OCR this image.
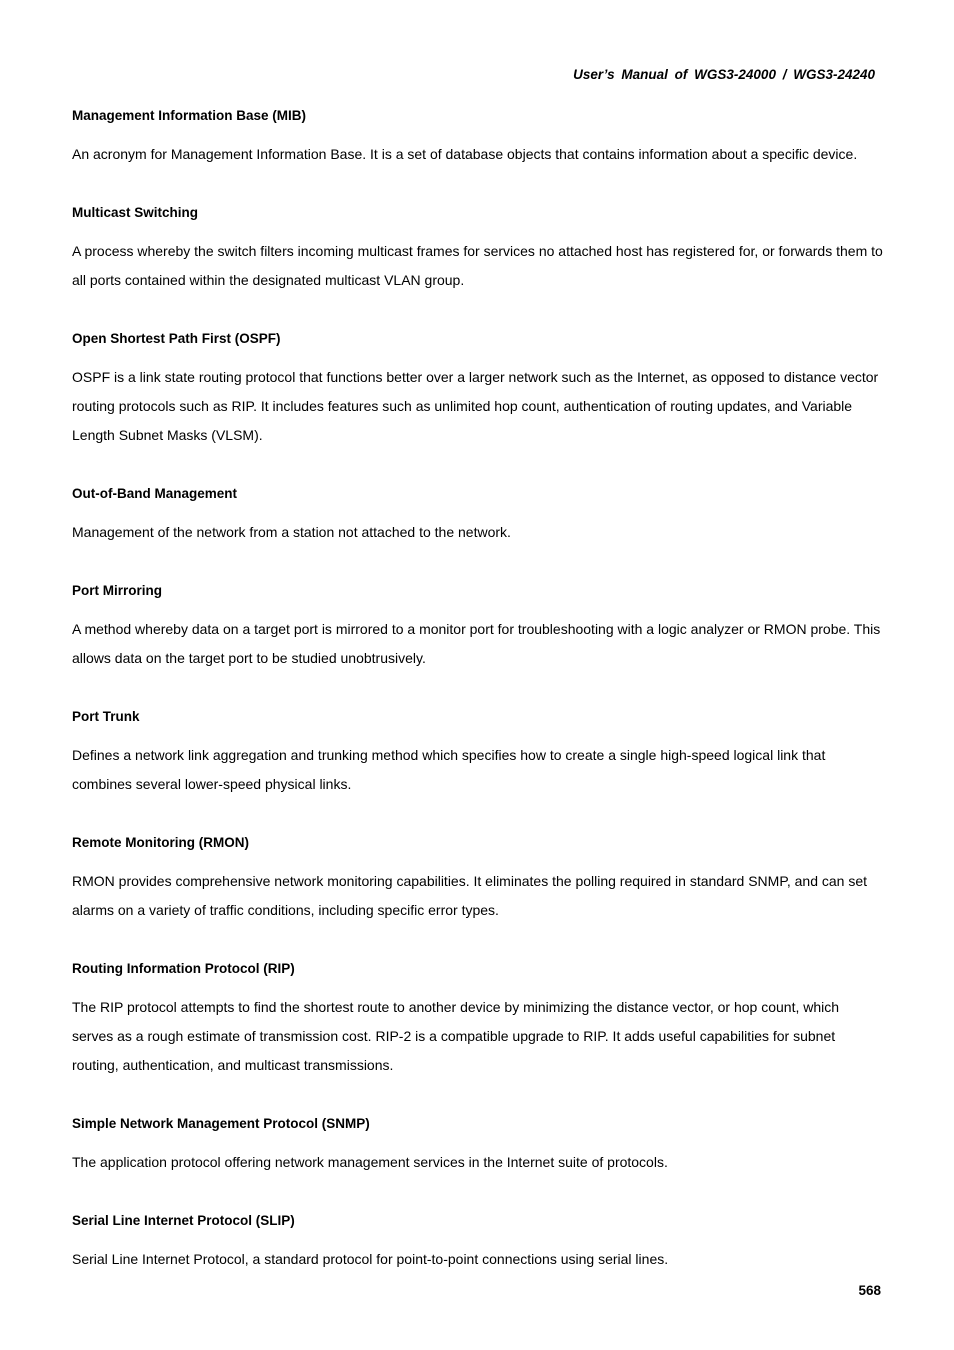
User’s Manual of WGS3-24000 / WGS3-24240
Management Information Base (MIB)

An acronym for Management Information Base. It is a set of database objects that contains information about a specific device.

Multicast Switching

A process whereby the switch filters incoming multicast frames for services no attached host has registered for, or forwards them to all ports contained within the designated multicast VLAN group.

Open Shortest Path First (OSPF)

OSPF is a link state routing protocol that functions better over a larger network such as the Internet, as opposed to distance vector routing protocols such as RIP. It includes features such as unlimited hop count, authentication of routing updates, and Variable Length Subnet Masks (VLSM).

Out-of-Band Management

Management of the network from a station not attached to the network.

Port Mirroring

A method whereby data on a target port is mirrored to a monitor port for troubleshooting with a logic analyzer or RMON probe. This allows data on the target port to be studied unobtrusively.

Port Trunk

Defines a network link aggregation and trunking method which specifies how to create a single high-speed logical link that combines several lower-speed physical links.

Remote Monitoring (RMON)

RMON provides comprehensive network monitoring capabilities. It eliminates the polling required in standard SNMP, and can set alarms on a variety of traffic conditions, including specific error types.

Routing Information Protocol (RIP)

The RIP protocol attempts to find the shortest route to another device by minimizing the distance vector, or hop count, which serves as a rough estimate of transmission cost. RIP-2 is a compatible upgrade to RIP. It adds useful capabilities for subnet routing, authentication, and multicast transmissions.

Simple Network Management Protocol (SNMP)

The application protocol offering network management services in the Internet suite of protocols.

Serial Line Internet Protocol (SLIP)

Serial Line Internet Protocol, a standard protocol for point-to-point connections using serial lines.

568
